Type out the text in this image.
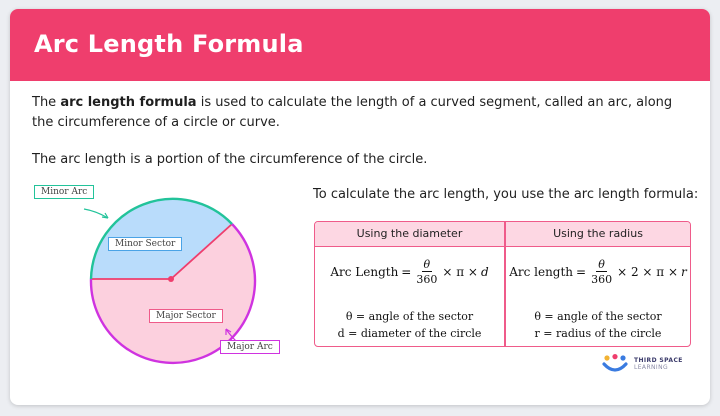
Arc Length Formula

The arc length formula is used to calculate the length of a curved segment, called an arc, along the circumference of a circle or curve.

The arc length is a portion of the circumference of the circle.

To calculate the arc length, you use the arc length formula:

Minor Arc
Minor Sector
Major Sector
Major Arc
Using the diameter	Using the radius
Arc Length = $\frac{\theta}{360} \times \pi \times d$ Arc length = $\frac{\theta}{360} \times 2 \times \pi \times r$
θ = angle of the sector
d = diameter of the circle
θ = angle of the sector
r = radius of the circle
THIRD SPACE
LEARNING
